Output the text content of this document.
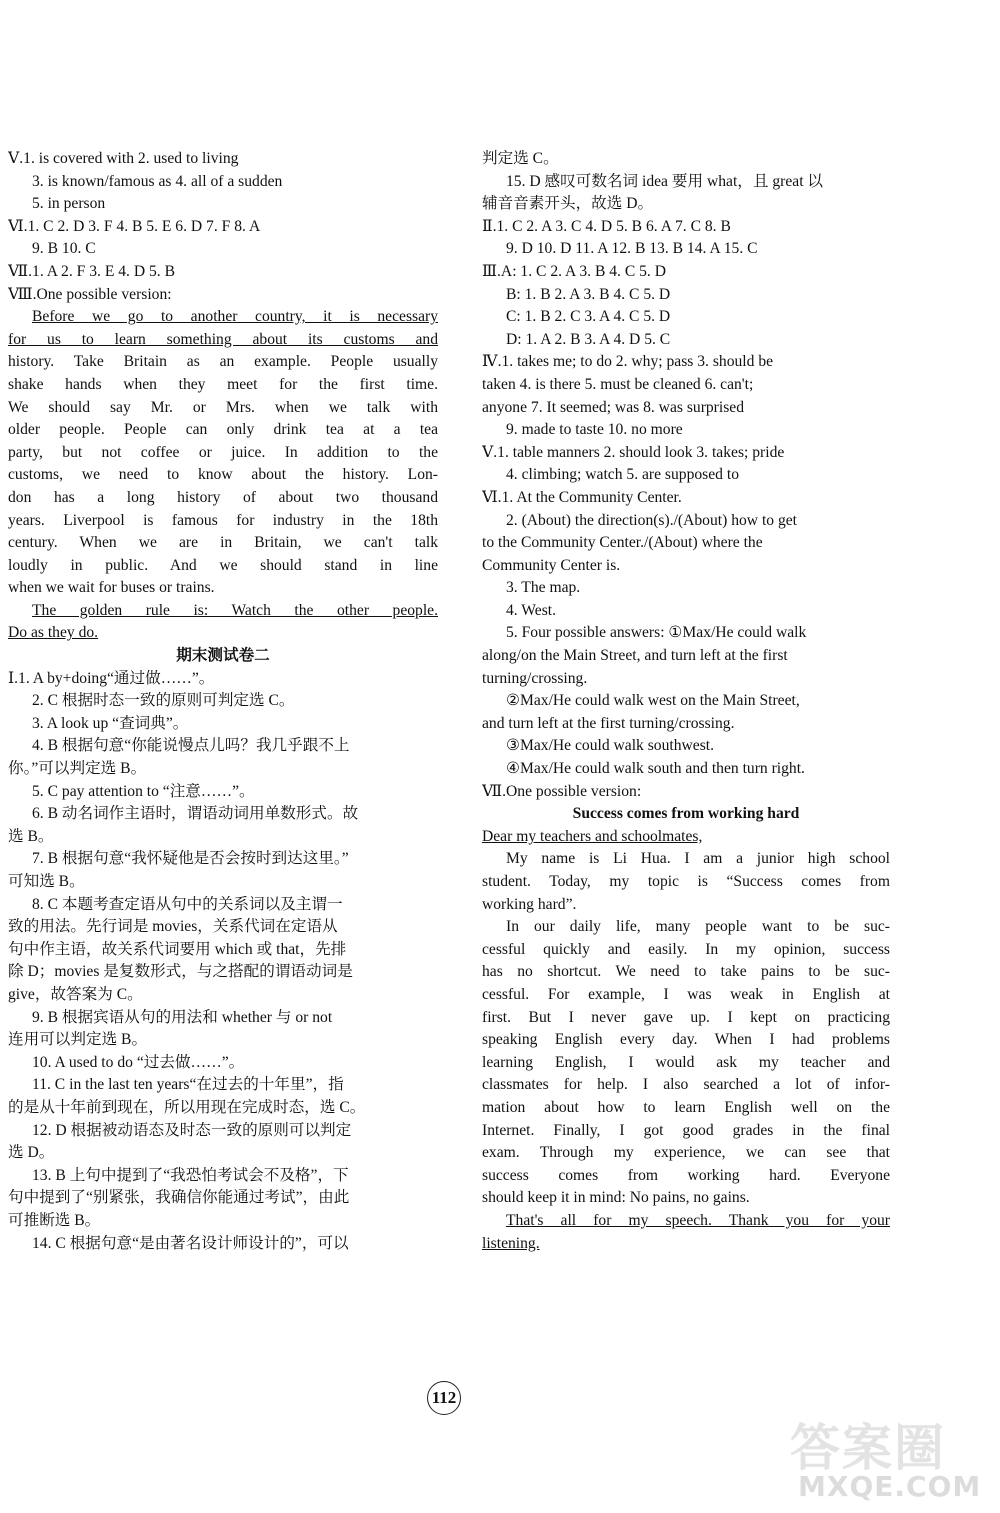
Ⅴ.1. is covered with 2. used to living
3. is known/famous as 4. all of a sudden
5. in person
Ⅵ.1. C 2. D 3. F 4. B 5. E 6. D 7. F 8. A
9. B 10. C
Ⅶ.1. A 2. F 3. E 4. D 5. B
Ⅷ.One possible version:
Before we go to another country, it is necessary
for us to learn something about its customs and
history. Take Britain as an example. People usually
shake hands when they meet for the first time.
We should say Mr. or Mrs. when we talk with
older people. People can only drink tea at a tea
party, but not coffee or juice. In addition to the
customs, we need to know about the history. Lon-
don has a long history of about two thousand
years. Liverpool is famous for industry in the 18th
century. When we are in Britain, we can't talk
loudly in public. And we should stand in line
when we wait for buses or trains.
The golden rule is: Watch the other people.
Do as they do.
期末测试卷二
Ⅰ.1. A by+doing“通过做……”。
2. C 根据时态一致的原则可判定选 C。
3. A look up “查词典”。
4. B 根据句意“你能说慢点儿吗？我几乎跟不上
你。”可以判定选 B。
5. C pay attention to “注意……”。
6. B 动名词作主语时，谓语动词用单数形式。故
选 B。
7. B 根据句意“我怀疑他是否会按时到达这里。”
可知选 B。
8. C 本题考查定语从句中的关系词以及主谓一
致的用法。先行词是 movies，关系代词在定语从
句中作主语，故关系代词要用 which 或 that，先排
除 D；movies 是复数形式，与之搭配的谓语动词是
give，故答案为 C。
9. B 根据宾语从句的用法和 whether 与 or not
连用可以判定选 B。
10. A used to do “过去做……”。
11. C in the last ten years“在过去的十年里”，指
的是从十年前到现在，所以用现在完成时态，选 C。
12. D 根据被动语态及时态一致的原则可以判定
选 D。
13. B 上句中提到了“我恐怕考试会不及格”，下
句中提到了“别紧张，我确信你能通过考试”，由此
可推断选 B。
14. C 根据句意“是由著名设计师设计的”，可以
判定选 C。
15. D 感叹可数名词 idea 要用 what，且 great 以
辅音音素开头，故选 D。
Ⅱ.1. C 2. A 3. C 4. D 5. B 6. A 7. C 8. B
9. D 10. D 11. A 12. B 13. B 14. A 15. C
Ⅲ.A: 1. C 2. A 3. B 4. C 5. D
B: 1. B 2. A 3. B 4. C 5. D
C: 1. B 2. C 3. A 4. C 5. D
D: 1. A 2. B 3. A 4. D 5. C
Ⅳ.1. takes me; to do 2. why; pass 3. should be
taken 4. is there 5. must be cleaned 6. can't;
anyone 7. It seemed; was 8. was surprised
9. made to taste 10. no more
Ⅴ.1. table manners 2. should look 3. takes; pride
4. climbing; watch 5. are supposed to
Ⅵ.1. At the Community Center.
2. (About) the direction(s)./(About) how to get
to the Community Center./(About) where the
Community Center is.
3. The map.
4. West.
5. Four possible answers: ①Max/He could walk
along/on the Main Street, and turn left at the first
turning/crossing.
②Max/He could walk west on the Main Street,
and turn left at the first turning/crossing.
③Max/He could walk southwest.
④Max/He could walk south and then turn right.
Ⅶ.One possible version:
Success comes from working hard
Dear my teachers and schoolmates,
My name is Li Hua. I am a junior high school
student. Today, my topic is “Success comes from
working hard”.
In our daily life, many people want to be suc-
cessful quickly and easily. In my opinion, success
has no shortcut. We need to take pains to be suc-
cessful. For example, I was weak in English at
first. But I never gave up. I kept on practicing
speaking English every day. When I had problems
learning English, I would ask my teacher and
classmates for help. I also searched a lot of infor-
mation about how to learn English well on the
Internet. Finally, I got good grades in the final
exam. Through my experience, we can see that
success comes from working hard. Everyone
should keep it in mind: No pains, no gains.
That's all for my speech. Thank you for your
listening.
112
答案圈
MXQE.COM
